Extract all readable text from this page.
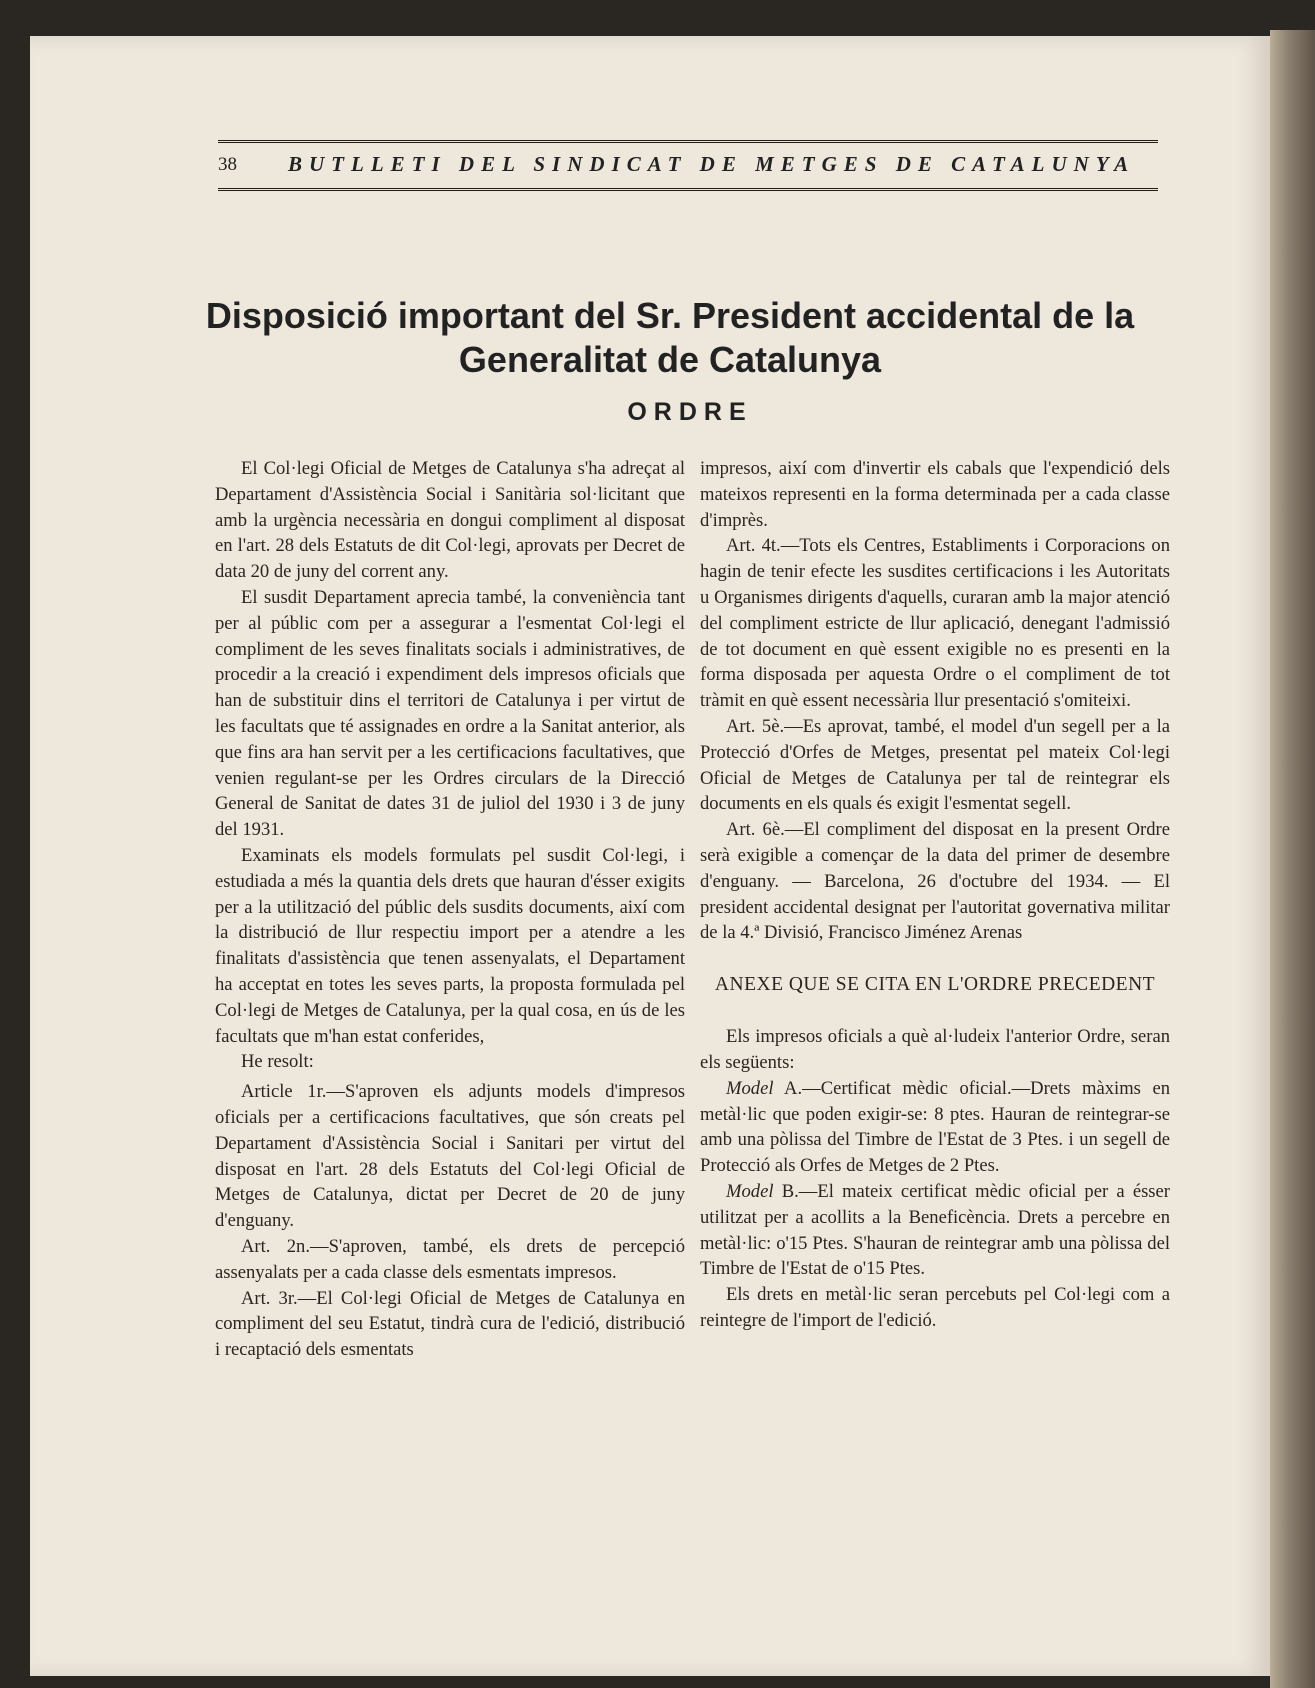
38 BUTLLETI DEL SINDICAT DE METGES DE CATALUNYA
Disposició important del Sr. President accidental de la Generalitat de Catalunya
ORDRE

El Col·legi Oficial de Metges de Catalunya s'ha adreçat al Departament d'Assistència Social i Sanitària sol·licitant que amb la urgència necessària en dongui compliment al disposat en l'art. 28 dels Estatuts de dit Col·legi, aprovats per Decret de data 20 de juny del corrent any.

El susdit Departament aprecia també, la conveniència tant per al públic com per a assegurar a l'esmentat Col·legi el compliment de les seves finalitats socials i administratives, de procedir a la creació i expendiment dels impresos oficials que han de substituir dins el territori de Catalunya i per virtut de les facultats que té assignades en ordre a la Sanitat anterior, als que fins ara han servit per a les certificacions facultatives, que venien regulant-se per les Ordres circulars de la Direcció General de Sanitat de dates 31 de juliol del 1930 i 3 de juny del 1931.

Examinats els models formulats pel susdit Col·legi, i estudiada a més la quantia dels drets que hauran d'ésser exigits per a la utilització del públic dels susdits documents, així com la distribució de llur respectiu import per a atendre a les finalitats d'assistència que tenen assenyalats, el Departament ha acceptat en totes les seves parts, la proposta formulada pel Col·legi de Metges de Catalunya, per la qual cosa, en ús de les facultats que m'han estat conferides,

He resolt:

Article 1r.—S'aproven els adjunts models d'impresos oficials per a certificacions facultatives, que són creats pel Departament d'Assistència Social i Sanitari per virtut del disposat en l'art. 28 dels Estatuts del Col·legi Oficial de Metges de Catalunya, dictat per Decret de 20 de juny d'enguany.

Art. 2n.—S'aproven, també, els drets de percepció assenyalats per a cada classe dels esmentats impresos.

Art. 3r.—El Col·legi Oficial de Metges de Catalunya en compliment del seu Estatut, tindrà cura de l'edició, distribució i recaptació dels esmentats

impresos, així com d'invertir els cabals que l'expendició dels mateixos representi en la forma determinada per a cada classe d'imprès.

Art. 4t.—Tots els Centres, Establiments i Corporacions on hagin de tenir efecte les susdites certificacions i les Autoritats u Organismes dirigents d'aquells, curaran amb la major atenció del compliment estricte de llur aplicació, denegant l'admissió de tot document en què essent exigible no es presenti en la forma disposada per aquesta Ordre o el compliment de tot tràmit en què essent necessària llur presentació s'omiteixi.

Art. 5è.—Es aprovat, també, el model d'un segell per a la Protecció d'Orfes de Metges, presentat pel mateix Col·legi Oficial de Metges de Catalunya per tal de reintegrar els documents en els quals és exigit l'esmentat segell.

Art. 6è.—El compliment del disposat en la present Ordre serà exigible a començar de la data del primer de desembre d'enguany. — Barcelona, 26 d'octubre del 1934. — El president accidental designat per l'autoritat governativa militar de la 4.ª Divisió, Francisco Jiménez Arenas

ANEXE QUE SE CITA EN L'ORDRE PRECEDENT

Els impresos oficials a què al·ludeix l'anterior Ordre, seran els següents:

Model A.—Certificat mèdic oficial.—Drets màxims en metàl·lic que poden exigir-se: 8 ptes. Hauran de reintegrar-se amb una pòlissa del Timbre de l'Estat de 3 Ptes. i un segell de Protecció als Orfes de Metges de 2 Ptes.

Model B.—El mateix certificat mèdic oficial per a ésser utilitzat per a acollits a la Beneficència. Drets a percebre en metàl·lic: o'15 Ptes. S'hauran de reintegrar amb una pòlissa del Timbre de l'Estat de o'15 Ptes.

Els drets en metàl·lic seran percebuts pel Col·legi com a reintegre de l'import de l'edició.
